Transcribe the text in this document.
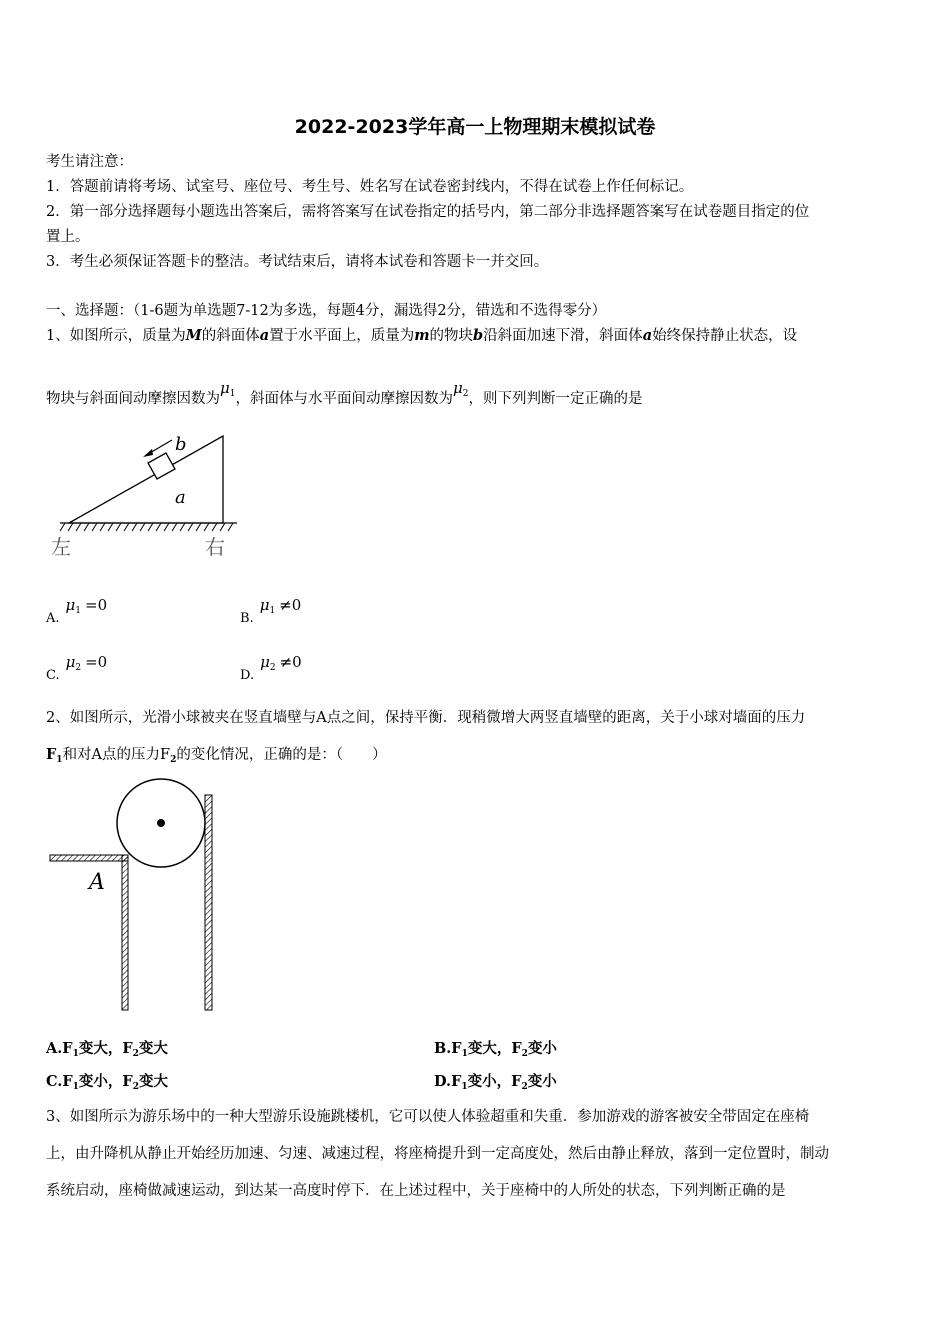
2022-2023学年高一上物理期末模拟试卷
考生请注意：
1．答题前请将考场、试室号、座位号、考生号、姓名写在试卷密封线内，不得在试卷上作任何标记。
2．第一部分选择题每小题选出答案后，需将答案写在试卷指定的括号内，第二部分非选择题答案写在试卷题目指定的位
置上。
3．考生必须保证答题卡的整洁。考试结束后，请将本试卷和答题卡一并交回。
一、选择题：（1-6题为单选题7-12为多选，每题4分，漏选得2分，错选和不选得零分）
1、如图所示，质量为M的斜面体a置于水平面上，质量为m的物块b沿斜面加速下滑，斜面体a始终保持静止状态，设
物块与斜面间动摩擦因数为$\mu_1$，斜面体与水平面间动摩擦因数为$\mu_2$，则下列判断一定正确的是
b
a
左	右
$A.\mu_1 =0$
$B.\mu_1 \ne 0$
$C.\mu_2 =0$
$D.\mu_2 \ne 0$
2、如图所示，光滑小球被夹在竖直墙壁与A点之间，保持平衡．现稍微增大两竖直墙壁的距离，关于小球对墙面的压力
$F_1$和对A点的压力$F_2$的变化情况，正确的是：（　　）
A
$A.F_1$变大，$F_2$变大	$B.F_1$变大，$F_2$变小
$C.F_1$变小，$F_2$变大	$D.F_1$变小，$F_2$变小
3、如图所示为游乐场中的一种大型游乐设施跳楼机，它可以使人体验超重和失重．参加游戏的游客被安全带固定在座椅
上，由升降机从静止开始经历加速、匀速、减速过程，将座椅提升到一定高度处，然后由静止释放，落到一定位置时，制动
系统启动，座椅做减速运动，到达某一高度时停下．在上述过程中，关于座椅中的人所处的状态，下列判断正确的是
